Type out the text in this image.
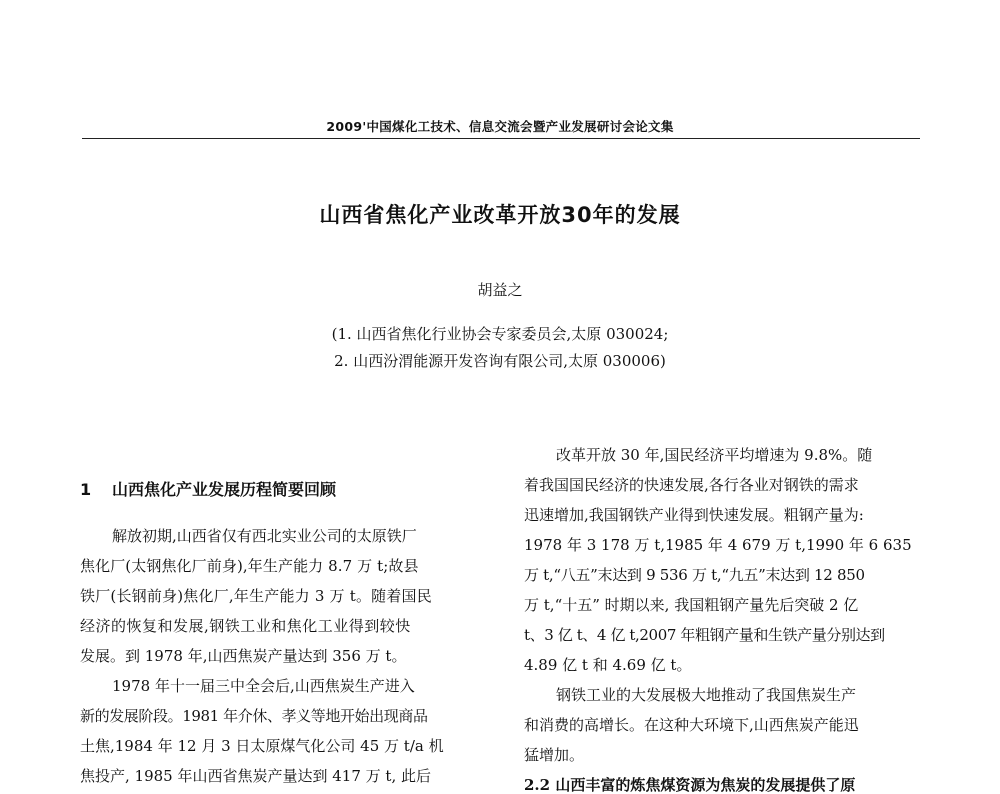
2009'中国煤化工技术、信息交流会暨产业发展研讨会论文集
山西省焦化产业改革开放30年的发展
胡益之
(1. 山西省焦化行业协会专家委员会,太原 030024;
2. 山西汾渭能源开发咨询有限公司,太原 030006)
1 山西焦化产业发展历程简要回顾
解放初期,山西省仅有西北实业公司的太原铁厂
焦化厂(太钢焦化厂前身),年生产能力 8.7 万 t;故县
铁厂(长钢前身)焦化厂,年生产能力 3 万 t。随着国民
经济的恢复和发展,钢铁工业和焦化工业得到较快
发展。到 1978 年,山西焦炭产量达到 356 万 t。
1978 年十一届三中全会后,山西焦炭生产进入
新的发展阶段。1981 年介休、孝义等地开始出现商品
土焦,1984 年 12 月 3 日太原煤气化公司 45 万 t/a 机
焦投产, 1985 年山西省焦炭产量达到 417 万 t, 此后
改革开放 30 年,国民经济平均增速为 9.8%。随
着我国国民经济的快速发展,各行各业对钢铁的需求
迅速增加,我国钢铁产业得到快速发展。粗钢产量为:
1978 年 3 178 万 t,1985 年 4 679 万 t,1990 年 6 635
万 t,“八五”末达到 9 536 万 t,“九五”末达到 12 850
万 t,“十五” 时期以来, 我国粗钢产量先后突破 2 亿
t、3 亿 t、4 亿 t,2007 年粗钢产量和生铁产量分别达到
4.89 亿 t 和 4.69 亿 t。
钢铁工业的大发展极大地推动了我国焦炭生产
和消费的高增长。在这种大环境下,山西焦炭产能迅
猛增加。
2.2 山西丰富的炼焦煤资源为焦炭的发展提供了原
